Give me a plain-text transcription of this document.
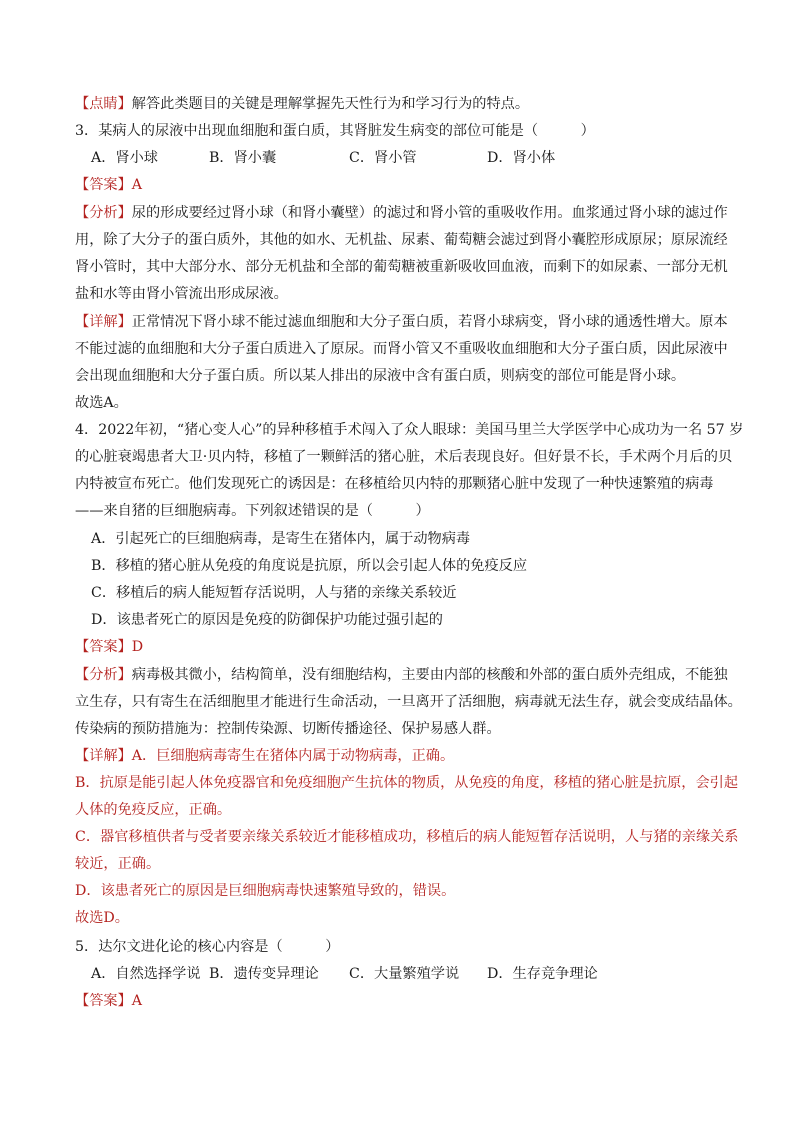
【点睛】解答此类题目的关键是理解掌握先天性行为和学习行为的特点。
3．某病人的尿液中出现血细胞和蛋白质，其肾脏发生病变的部位可能是（　　　）
A．肾小球	B．肾小囊	C．肾小管	D．肾小体
【答案】A
【分析】尿的形成要经过肾小球（和肾小囊壁）的滤过和肾小管的重吸收作用。血浆通过肾小球的滤过作
用，除了大分子的蛋白质外，其他的如水、无机盐、尿素、葡萄糖会滤过到肾小囊腔形成原尿；原尿流经
肾小管时，其中大部分水、部分无机盐和全部的葡萄糖被重新吸收回血液，而剩下的如尿素、一部分无机
盐和水等由肾小管流出形成尿液。
【详解】正常情况下肾小球不能过滤血细胞和大分子蛋白质，若肾小球病变，肾小球的通透性增大。原本
不能过滤的血细胞和大分子蛋白质进入了原尿。而肾小管又不重吸收血细胞和大分子蛋白质，因此尿液中
会出现血细胞和大分子蛋白质。所以某人排出的尿液中含有蛋白质，则病变的部位可能是肾小球。
故选A。
4．2022年初，“猪心变人心”的异种移植手术闯入了众人眼球：美国马里兰大学医学中心成功为一名 57 岁
的心脏衰竭患者大卫·贝内特，移植了一颗鲜活的猪心脏，术后表现良好。但好景不长，手术两个月后的贝
内特被宣布死亡。他们发现死亡的诱因是：在移植给贝内特的那颗猪心脏中发现了一种快速繁殖的病毒
——来自猪的巨细胞病毒。下列叙述错误的是（　　　）
A．引起死亡的巨细胞病毒，是寄生在猪体内，属于动物病毒
B．移植的猪心脏从免疫的角度说是抗原，所以会引起人体的免疫反应
C．移植后的病人能短暂存活说明，人与猪的亲缘关系较近
D．该患者死亡的原因是免疫的防御保护功能过强引起的
【答案】D
【分析】病毒极其微小，结构简单，没有细胞结构，主要由内部的核酸和外部的蛋白质外壳组成，不能独
立生存，只有寄生在活细胞里才能进行生命活动，一旦离开了活细胞，病毒就无法生存，就会变成结晶体。
传染病的预防措施为：控制传染源、切断传播途径、保护易感人群。
【详解】A．巨细胞病毒寄生在猪体内属于动物病毒，正确。
B．抗原是能引起人体免疫器官和免疫细胞产生抗体的物质，从免疫的角度，移植的猪心脏是抗原，会引起
人体的免疫反应，正确。
C．器官移植供者与受者要亲缘关系较近才能移植成功，移植后的病人能短暂存活说明，人与猪的亲缘关系
较近，正确。
D．该患者死亡的原因是巨细胞病毒快速繁殖导致的，错误。
故选D。
5．达尔文进化论的核心内容是（　　　）
A．自然选择学说 B．遗传变异理论 C．大量繁殖学说 D．生存竞争理论
【答案】A
